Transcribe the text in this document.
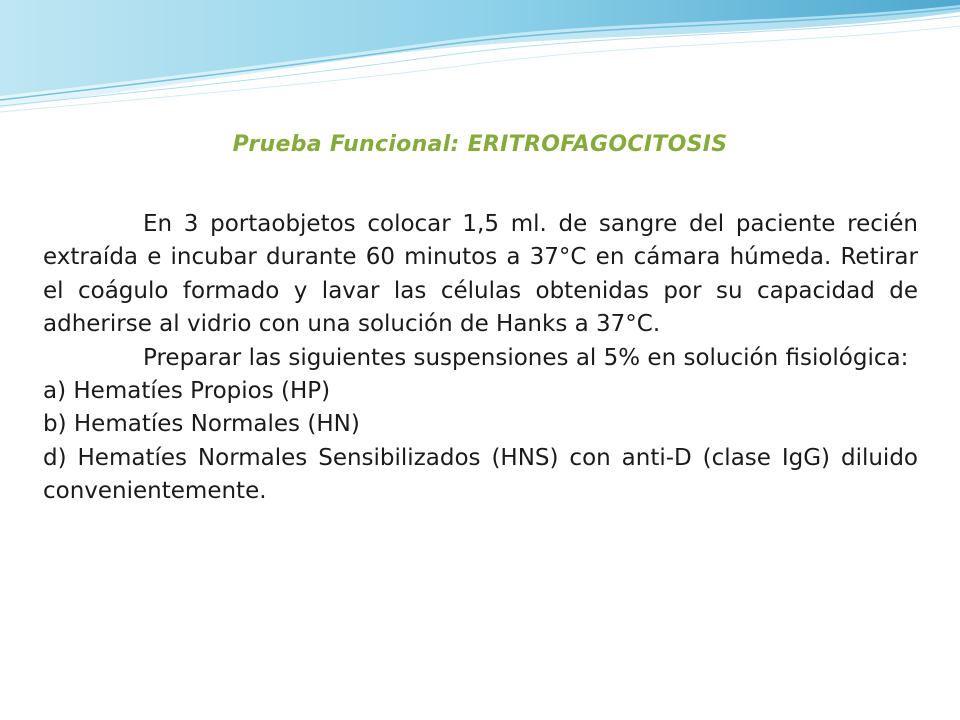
Prueba Funcional: ERITROFAGOCITOSIS

En 3 portaobjetos colocar 1,5 ml. de sangre del paciente recién extraída e incubar durante 60 minutos a 37°C en cámara húmeda. Retirar el coágulo formado y lavar las células obtenidas por su capacidad de adherirse al vidrio con una solución de Hanks a 37°C.

Preparar las siguientes suspensiones al 5% en solución fisiológica:

a) Hematíes Propios (HP)

b) Hematíes Normales (HN)

d) Hematíes Normales Sensibilizados (HNS) con anti-D (clase IgG) diluido convenientemente.
